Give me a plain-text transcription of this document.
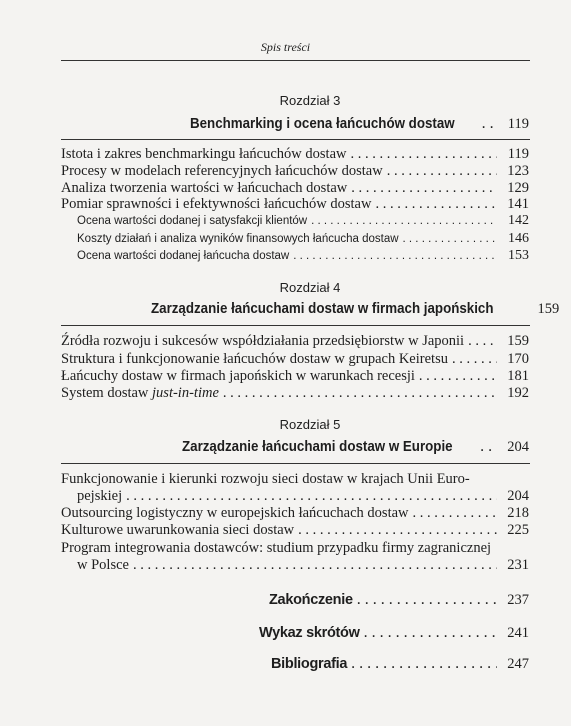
Spis treści
Rozdział 3
Benchmarking i ocena łańcuchów dostaw . . .	119
Istota i zakres benchmarkingu łańcuchów dostaw . . .	119
Procesy w modelach referencyjnych łańcuchów dostaw . . .	123
Analiza tworzenia wartości w łańcuchach dostaw . . .	129
Pomiar sprawności i efektywności łańcuchów dostaw . . .	141
Ocena wartości dodanej i satysfakcji klientów . . .	142
Koszty działań i analiza wyników finansowych łańcucha dostaw . . .	146
Ocena wartości dodanej łańcucha dostaw . . .	153
Rozdział 4
Zarządzanie łańcuchami dostaw w firmach japońskich	159
Źródła rozwoju i sukcesów współdziałania przedsiębiorstw w Japonii . . .	159
Struktura i funkcjonowanie łańcuchów dostaw w grupach Keiretsu . . .	170
Łańcuchy dostaw w firmach japońskich w warunkach recesji . . .	181
System dostaw just-in-time . . .	192
Rozdział 5
Zarządzanie łańcuchami dostaw w Europie . . .	204
Funkcjonowanie i kierunki rozwoju sieci dostaw w krajach Unii Euro-
pejskiej . . .	204
Outsourcing logistyczny w europejskich łańcuchach dostaw . . .	218
Kulturowe uwarunkowania sieci dostaw . . .	225
Program integrowania dostawców: studium przypadku firmy zagranicznej
w Polsce . . .	231
Zakończenie . . .	237
Wykaz skrótów . . .	241
Bibliografia . . .	247
